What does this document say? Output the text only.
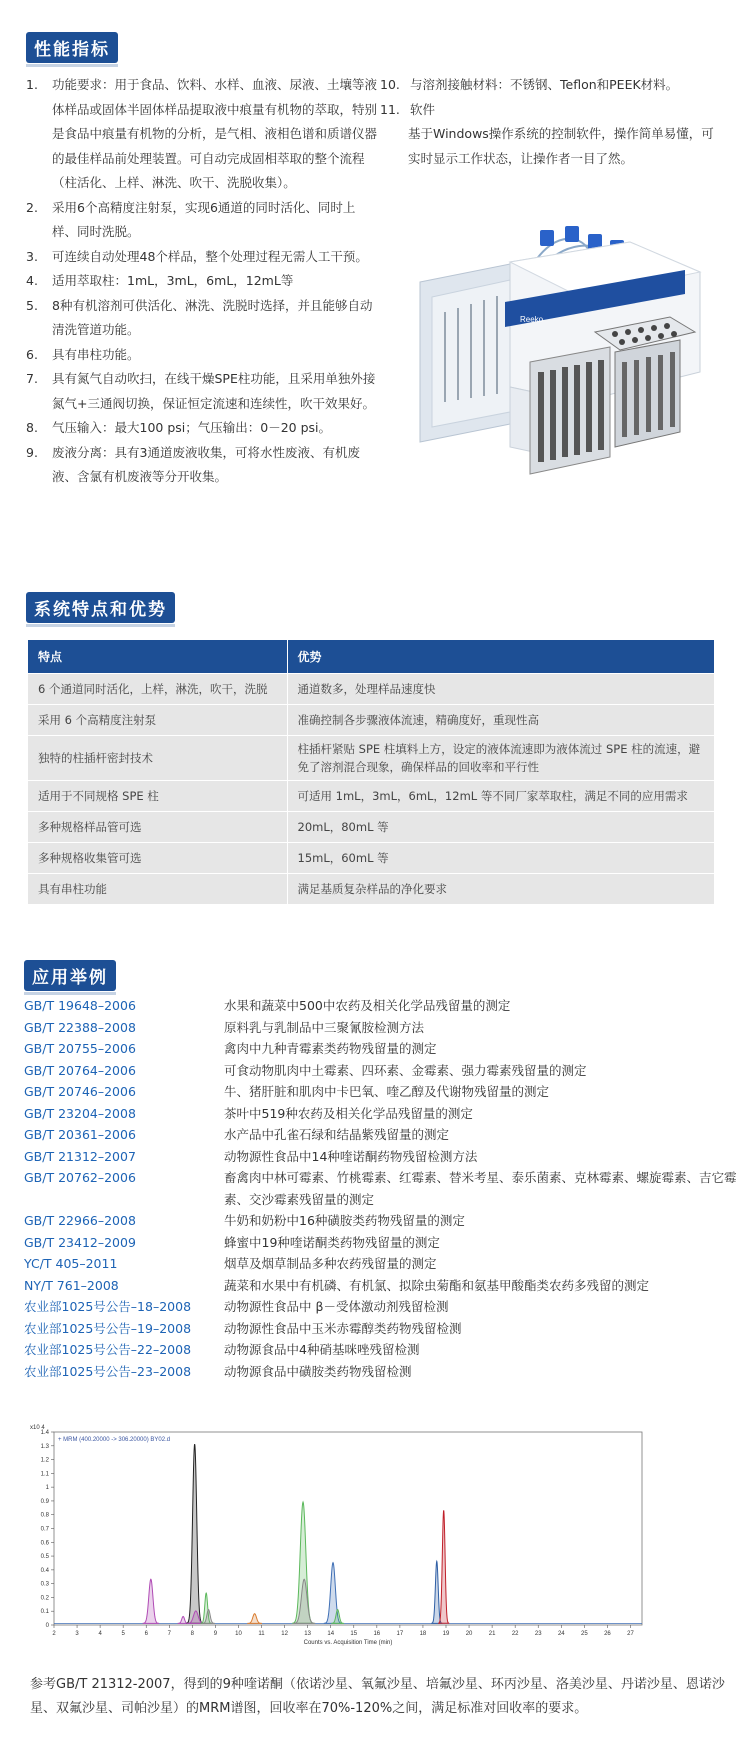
性能指标
1.	功能要求：用于食品、饮料、水样、血液、尿液、土壤等液体样品或固体半固体样品提取液中痕量有机物的萃取，特别是食品中痕量有机物的分析，是气相、液相色谱和质谱仪器的最佳样品前处理装置。可自动完成固相萃取的整个流程（柱活化、上样、淋洗、吹干、洗脱收集）。
2.	采用6个高精度注射泵，实现6通道的同时活化、同时上样、同时洗脱。
3.	可连续自动处理48个样品，整个处理过程无需人工干预。
4.	适用萃取柱：1mL，3mL，6mL，12mL等
5.	8种有机溶剂可供活化、淋洗、洗脱时选择，并且能够自动清洗管道功能。
6.	具有串柱功能。
7.	具有氮气自动吹扫，在线干燥SPE柱功能，且采用单独外接氮气+三通阀切换，保证恒定流速和连续性，吹干效果好。
8.	气压输入：最大100 psi；气压输出：0－20 psi。
9.	废液分离：具有3通道废液收集，可将水性废液、有机废液、含氯有机废液等分开收集。
10. 与溶剂接触材料：不锈钢、Teflon和PEEK材料。
11. 软件
基于Windows操作系统的控制软件，操作简单易懂，可实时显示工作状态，让操作者一目了然。
Reeko
系统特点和优势
特点	优势
6 个通道同时活化，上样，淋洗，吹干，洗脱	通道数多，处理样品速度快
采用 6 个高精度注射泵	准确控制各步骤液体流速，精确度好，重现性高
独特的柱插杆密封技术	柱插杆紧贴 SPE 柱填料上方，设定的液体流速即为液体流过 SPE 柱的流速，避免了溶剂混合现象，确保样品的回收率和平行性
适用于不同规格 SPE 柱	可适用 1mL，3mL，6mL，12mL 等不同厂家萃取柱，满足不同的应用需求
多种规格样品管可选	20mL，80mL 等
多种规格收集管可选	15mL，60mL 等
具有串柱功能	满足基质复杂样品的净化要求
应用举例
GB/T 19648–2006	水果和蔬菜中500中农药及相关化学品残留量的测定
GB/T 22388–2008	原料乳与乳制品中三聚氰胺检测方法
GB/T 20755–2006	禽肉中九种青霉素类药物残留量的测定
GB/T 20764–2006	可食动物肌肉中土霉素、四环素、金霉素、强力霉素残留量的测定
GB/T 20746–2006	牛、猪肝脏和肌肉中卡巴氧、喹乙醇及代谢物残留量的测定
GB/T 23204–2008	茶叶中519种农药及相关化学品残留量的测定
GB/T 20361–2006	水产品中孔雀石绿和结晶紫残留量的测定
GB/T 21312–2007	动物源性食品中14种喹诺酮药物残留检测方法
GB/T 20762–2006	畜禽肉中林可霉素、竹桃霉素、红霉素、替米考星、泰乐菌素、克林霉素、螺旋霉素、吉它霉素、交沙霉素残留量的测定
GB/T 22966–2008	牛奶和奶粉中16种磺胺类药物残留量的测定
GB/T 23412–2009	蜂蜜中19种喹诺酮类药物残留量的测定
YC/T 405–2011	烟草及烟草制品多种农药残留量的测定
NY/T 761–2008	蔬菜和水果中有机磷、有机氯、拟除虫菊酯和氨基甲酸酯类农药多残留的测定
农业部1025号公告–18–2008	动物源性食品中 β－受体激动剂残留检测
农业部1025号公告–19–2008	动物源性食品中玉米赤霉醇类药物残留检测
农业部1025号公告–22–2008	动物源食品中4种硝基咪唑残留检测
农业部1025号公告–23–2008	动物源食品中磺胺类药物残留检测
+ MRM (400.20000 -> 306.20000) BY02.d
x10 4
0
0.1
0.2
0.3
0.4
0.5
0.6
0.7
0.8
0.9
1
1.1
1.2
1.3
1.4
2	3	4	5	6	7	8	9	10	11	12	13	14	15	16	17	18	19	20	21	22	23	24	25	26	27
Counts vs. Acquisition Time (min)
参考GB/T 21312-2007，得到的9种喹诺酮（依诺沙星、氧氟沙星、培氟沙星、环丙沙星、洛美沙星、丹诺沙星、恩诺沙星、双氟沙星、司帕沙星）的MRM谱图，回收率在70%-120%之间，满足标准对回收率的要求。
